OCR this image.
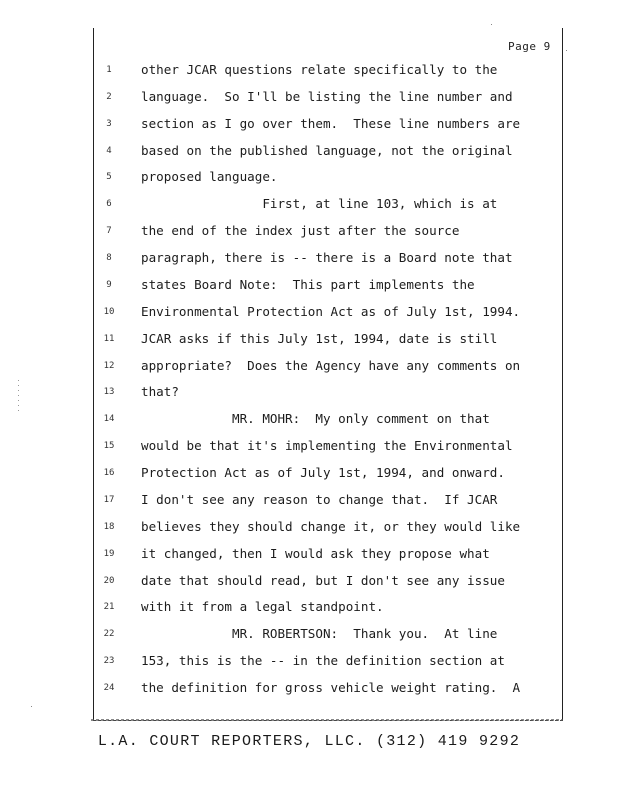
Page 9
1
2
3
4
5
6
7
8
9
10
11
12
13
14
15
16
17
18
19
20
21
22
23
24
other JCAR questions relate specifically to the
language.  So I'll be listing the line number and
section as I go over them.  These line numbers are
based on the published language, not the original
proposed language.
First, at line 103, which is at
the end of the index just after the source
paragraph, there is -- there is a Board note that
states Board Note:  This part implements the
Environmental Protection Act as of July 1st, 1994.
JCAR asks if this July 1st, 1994, date is still
appropriate?  Does the Agency have any comments on
that?
MR. MOHR:  My only comment on that
would be that it's implementing the Environmental
Protection Act as of July 1st, 1994, and onward.
I don't see any reason to change that.  If JCAR
believes they should change it, or they would like
it changed, then I would ask they propose what
date that should read, but I don't see any issue
with it from a legal standpoint.
MR. ROBERTSON:  Thank you.  At line
153, this is the -- in the definition section at
the definition for gross vehicle weight rating.  A
L.A. COURT REPORTERS, LLC. (312) 419 9292
